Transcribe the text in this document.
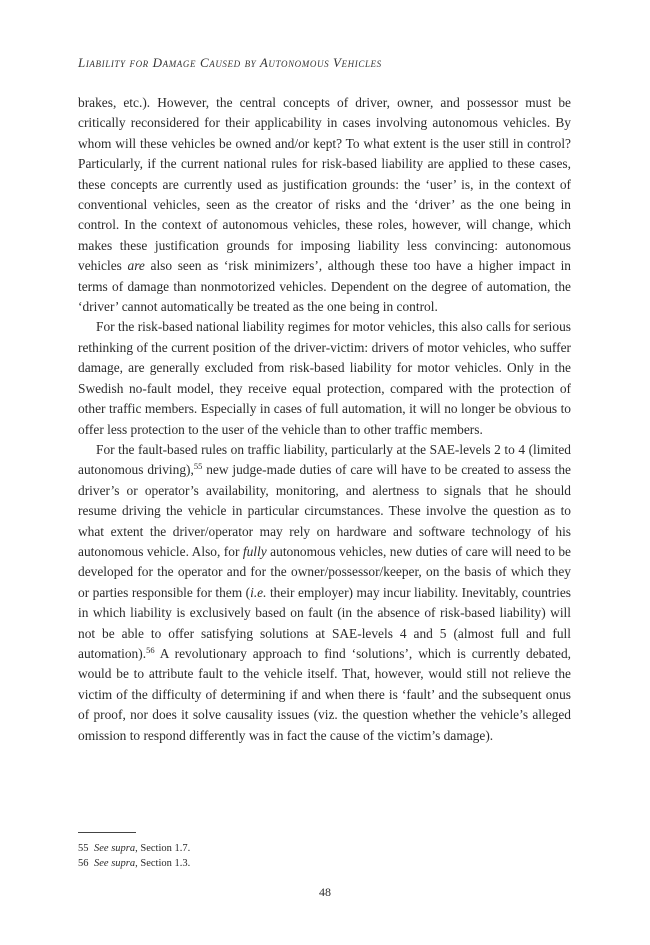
Liability for Damage Caused by Autonomous Vehicles

brakes, etc.). However, the central concepts of driver, owner, and possessor must be critically reconsidered for their applicability in cases involving autonomous vehicles. By whom will these vehicles be owned and/or kept? To what extent is the user still in control? Particularly, if the current national rules for risk-based liability are applied to these cases, these concepts are currently used as justification grounds: the ‘user’ is, in the context of conventional vehicles, seen as the creator of risks and the ‘driver’ as the one being in control. In the context of autonomous vehicles, these roles, however, will change, which makes these justification grounds for imposing liability less convincing: autonomous vehicles are also seen as ‘risk minimizers’, although these too have a higher impact in terms of damage than nonmotorized vehicles. Dependent on the degree of automation, the ‘driver’ cannot automatically be treated as the one being in control.

For the risk-based national liability regimes for motor vehicles, this also calls for serious rethinking of the current position of the driver-victim: drivers of motor vehicles, who suffer damage, are generally excluded from risk-based liability for motor vehicles. Only in the Swedish no-fault model, they receive equal protection, compared with the protection of other traffic members. Especially in cases of full automation, it will no longer be obvious to offer less protection to the user of the vehicle than to other traffic members.

For the fault-based rules on traffic liability, particularly at the SAE-levels 2 to 4 (limited autonomous driving),$^{55}$ new judge-made duties of care will have to be created to assess the driver’s or operator’s availability, monitoring, and alertness to signals that he should resume driving the vehicle in particular circumstances. These involve the question as to what extent the driver/operator may rely on hardware and software technology of his autonomous vehicle. Also, for fully autonomous vehicles, new duties of care will need to be developed for the operator and for the owner/possessor/keeper, on the basis of which they or parties responsible for them (i.e. their employer) may incur liability. Inevitably, countries in which liability is exclusively based on fault (in the absence of risk-based liability) will not be able to offer satisfying solutions at SAE-levels 4 and 5 (almost full and full automation).$^{56}$ A revolutionary approach to find ‘solutions’, which is currently debated, would be to attribute fault to the vehicle itself. That, however, would still not relieve the victim of the difficulty of determining if and when there is ‘fault’ and the subsequent onus of proof, nor does it solve causality issues (viz. the question whether the vehicle’s alleged omission to respond differently was in fact the cause of the victim’s damage).

55 See supra, Section 1.7.
56 See supra, Section 1.3.

48
